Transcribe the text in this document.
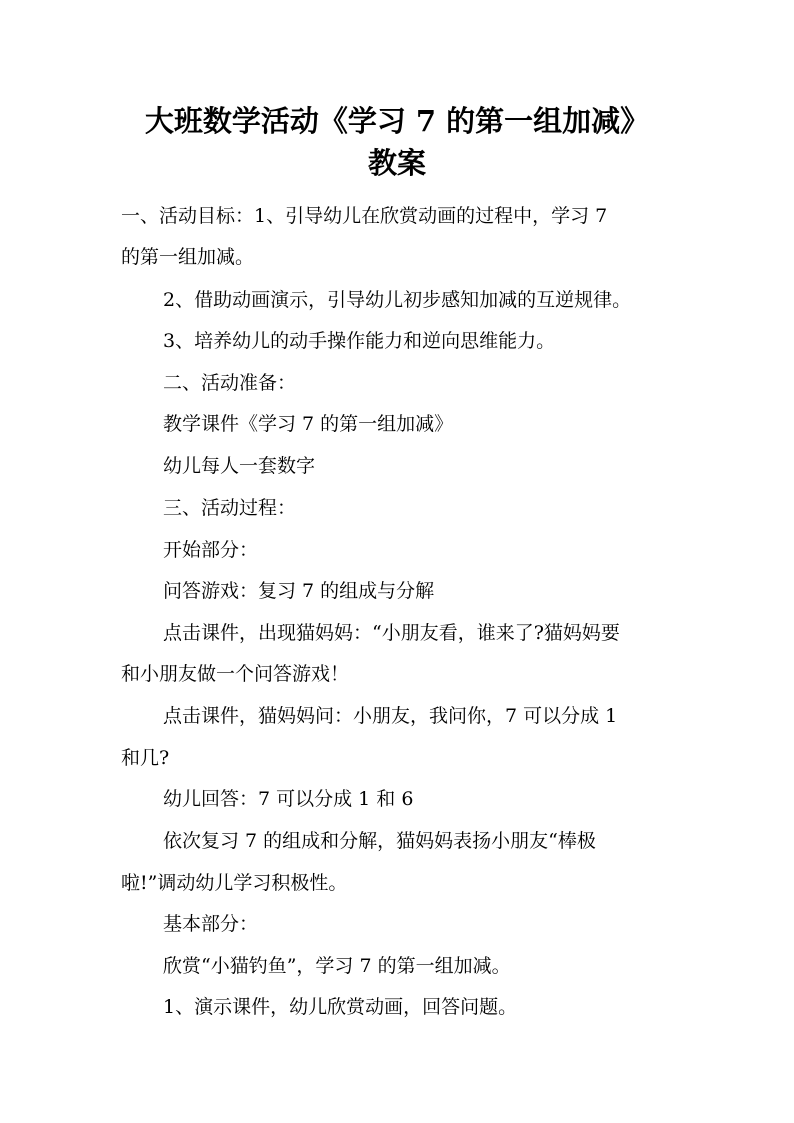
大班数学活动《学习 7 的第一组加减》
教案
一、活动目标：1、引导幼儿在欣赏动画的过程中，学习 7
的第一组加减。
2、借助动画演示，引导幼儿初步感知加减的互逆规律。
3、培养幼儿的动手操作能力和逆向思维能力。
二、活动准备：
教学课件《学习 7 的第一组加减》
幼儿每人一套数字
三、活动过程：
开始部分：
问答游戏：复习 7 的组成与分解
点击课件，出现猫妈妈：“小朋友看，谁来了?猫妈妈要
和小朋友做一个问答游戏！
点击课件，猫妈妈问：小朋友，我问你，7 可以分成 1
和几?
幼儿回答：7 可以分成 1 和 6
依次复习 7 的组成和分解，猫妈妈表扬小朋友“棒极
啦!”调动幼儿学习积极性。
基本部分：
欣赏“小猫钓鱼”，学习 7 的第一组加减。
1、演示课件，幼儿欣赏动画，回答问题。
